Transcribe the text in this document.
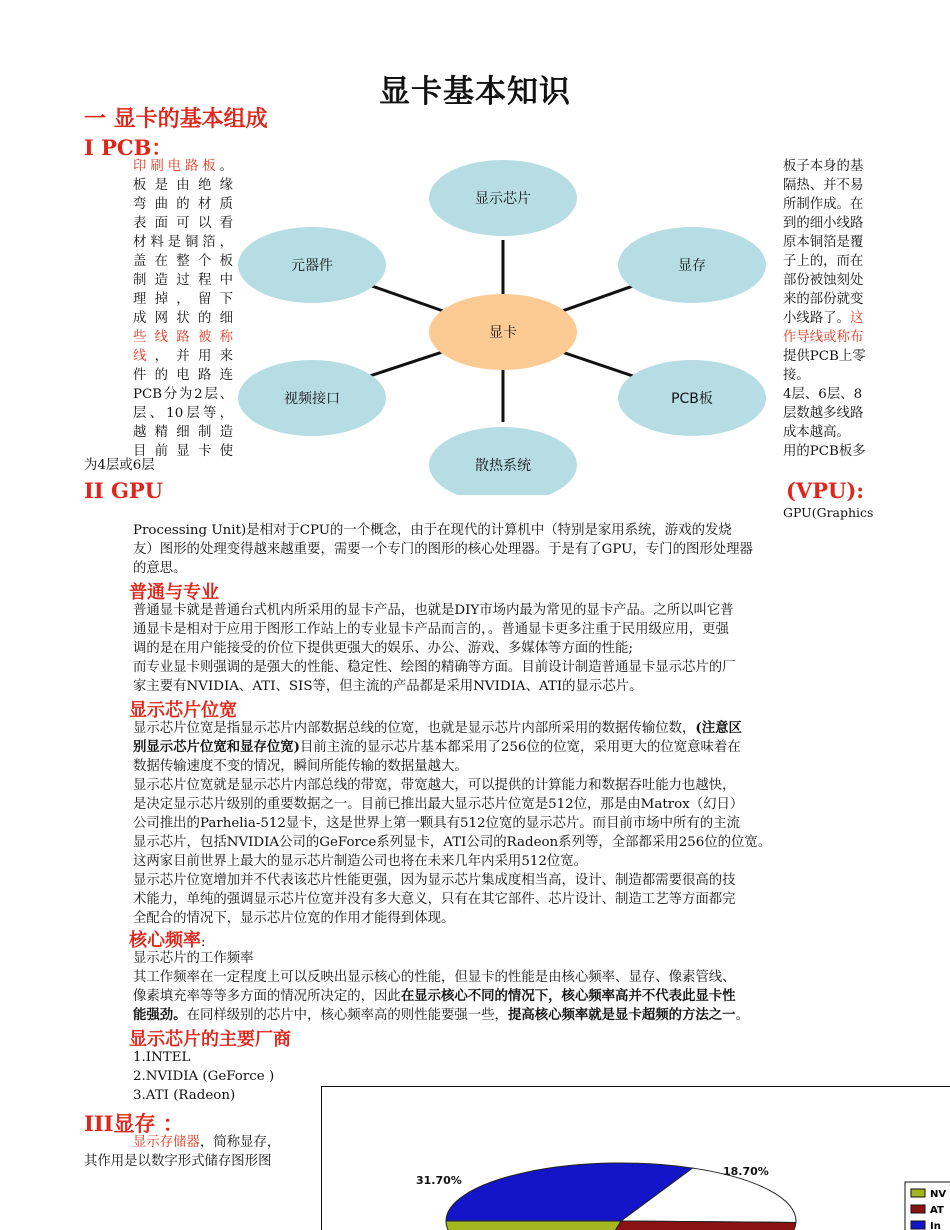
显卡基本知识
一 显卡的基本组成
I PCB：
印刷电路板。
板是由绝缘
弯曲的材质
表面可以看
材料是铜箔，
盖在整个板
制造过程中
理掉，留下
成网状的细
些线路被称
线，并用来
件的电路连
PCB分为2层、
层、10层等，
越精细制造
目前显卡使
为4层或6层
板子本身的基
隔热、并不易
所制作成。在
到的细小线路
原本铜箔是覆
子上的，而在
部份被蚀刻处
来的部份就变
小线路了。这
作导线或称布
提供PCB上零
接。
4层、6层、8
层数越多线路
成本越高。
用的PCB板多
显卡
显示芯片
显存
PCB板
散热系统
视频接口
元器件
II GPU	(VPU):
GPU(Graphics
Processing Unit)是相对于CPU的一个概念，由于在现代的计算机中（特别是家用系统，游戏的发烧
友）图形的处理变得越来越重要，需要一个专门的图形的核心处理器。于是有了GPU，专门的图形处理器
的意思。
普通与专业
普通显卡就是普通台式机内所采用的显卡产品，也就是DIY市场内最为常见的显卡产品。之所以叫它普
通显卡是相对于应用于图形工作站上的专业显卡产品而言的，。普通显卡更多注重于民用级应用，更强
调的是在用户能接受的价位下提供更强大的娱乐、办公、游戏、多媒体等方面的性能;
而专业显卡则强调的是强大的性能、稳定性、绘图的精确等方面。目前设计制造普通显卡显示芯片的厂
家主要有NVIDIA、ATI、SIS等，但主流的产品都是采用NVIDIA、ATI的显示芯片。
显示芯片位宽
显示芯片位宽是指显示芯片内部数据总线的位宽，也就是显示芯片内部所采用的数据传输位数，(注意区
别显示芯片位宽和显存位宽)目前主流的显示芯片基本都采用了256位的位宽，采用更大的位宽意味着在
数据传输速度不变的情况，瞬间所能传输的数据量越大。
显示芯片位宽就是显示芯片内部总线的带宽，带宽越大，可以提供的计算能力和数据吞吐能力也越快，
是决定显示芯片级别的重要数据之一。目前已推出最大显示芯片位宽是512位，那是由Matrox（幻日）
公司推出的Parhelia-512显卡，这是世界上第一颗具有512位宽的显示芯片。而目前市场中所有的主流
显示芯片，包括NVIDIA公司的GeForce系列显卡，ATI公司的Radeon系列等，全部都采用256位的位宽。
这两家目前世界上最大的显示芯片制造公司也将在未来几年内采用512位宽。
显示芯片位宽增加并不代表该芯片性能更强，因为显示芯片集成度相当高，设计、制造都需要很高的技
术能力，单纯的强调显示芯片位宽并没有多大意义，只有在其它部件、芯片设计、制造工艺等方面都完
全配合的情况下，显示芯片位宽的作用才能得到体现。
核心频率:
显示芯片的工作频率
其工作频率在一定程度上可以反映出显示核心的性能，但显卡的性能是由核心频率、显存、像素管线、
像素填充率等等多方面的情况所决定的，因此在显示核心不同的情况下，核心频率高并不代表此显卡性
能强劲。在同样级别的芯片中，核心频率高的则性能要强一些，提高核心频率就是显卡超频的方法之一。
显示芯片的主要厂商
1.INTEL
2.NVIDIA (GeForce )
3.ATI (Radeon)
III显存 ：
显示存储器，简称显存，
其作用是以数字形式储存图形图
31.70%
18.70%
NV
AT
In
